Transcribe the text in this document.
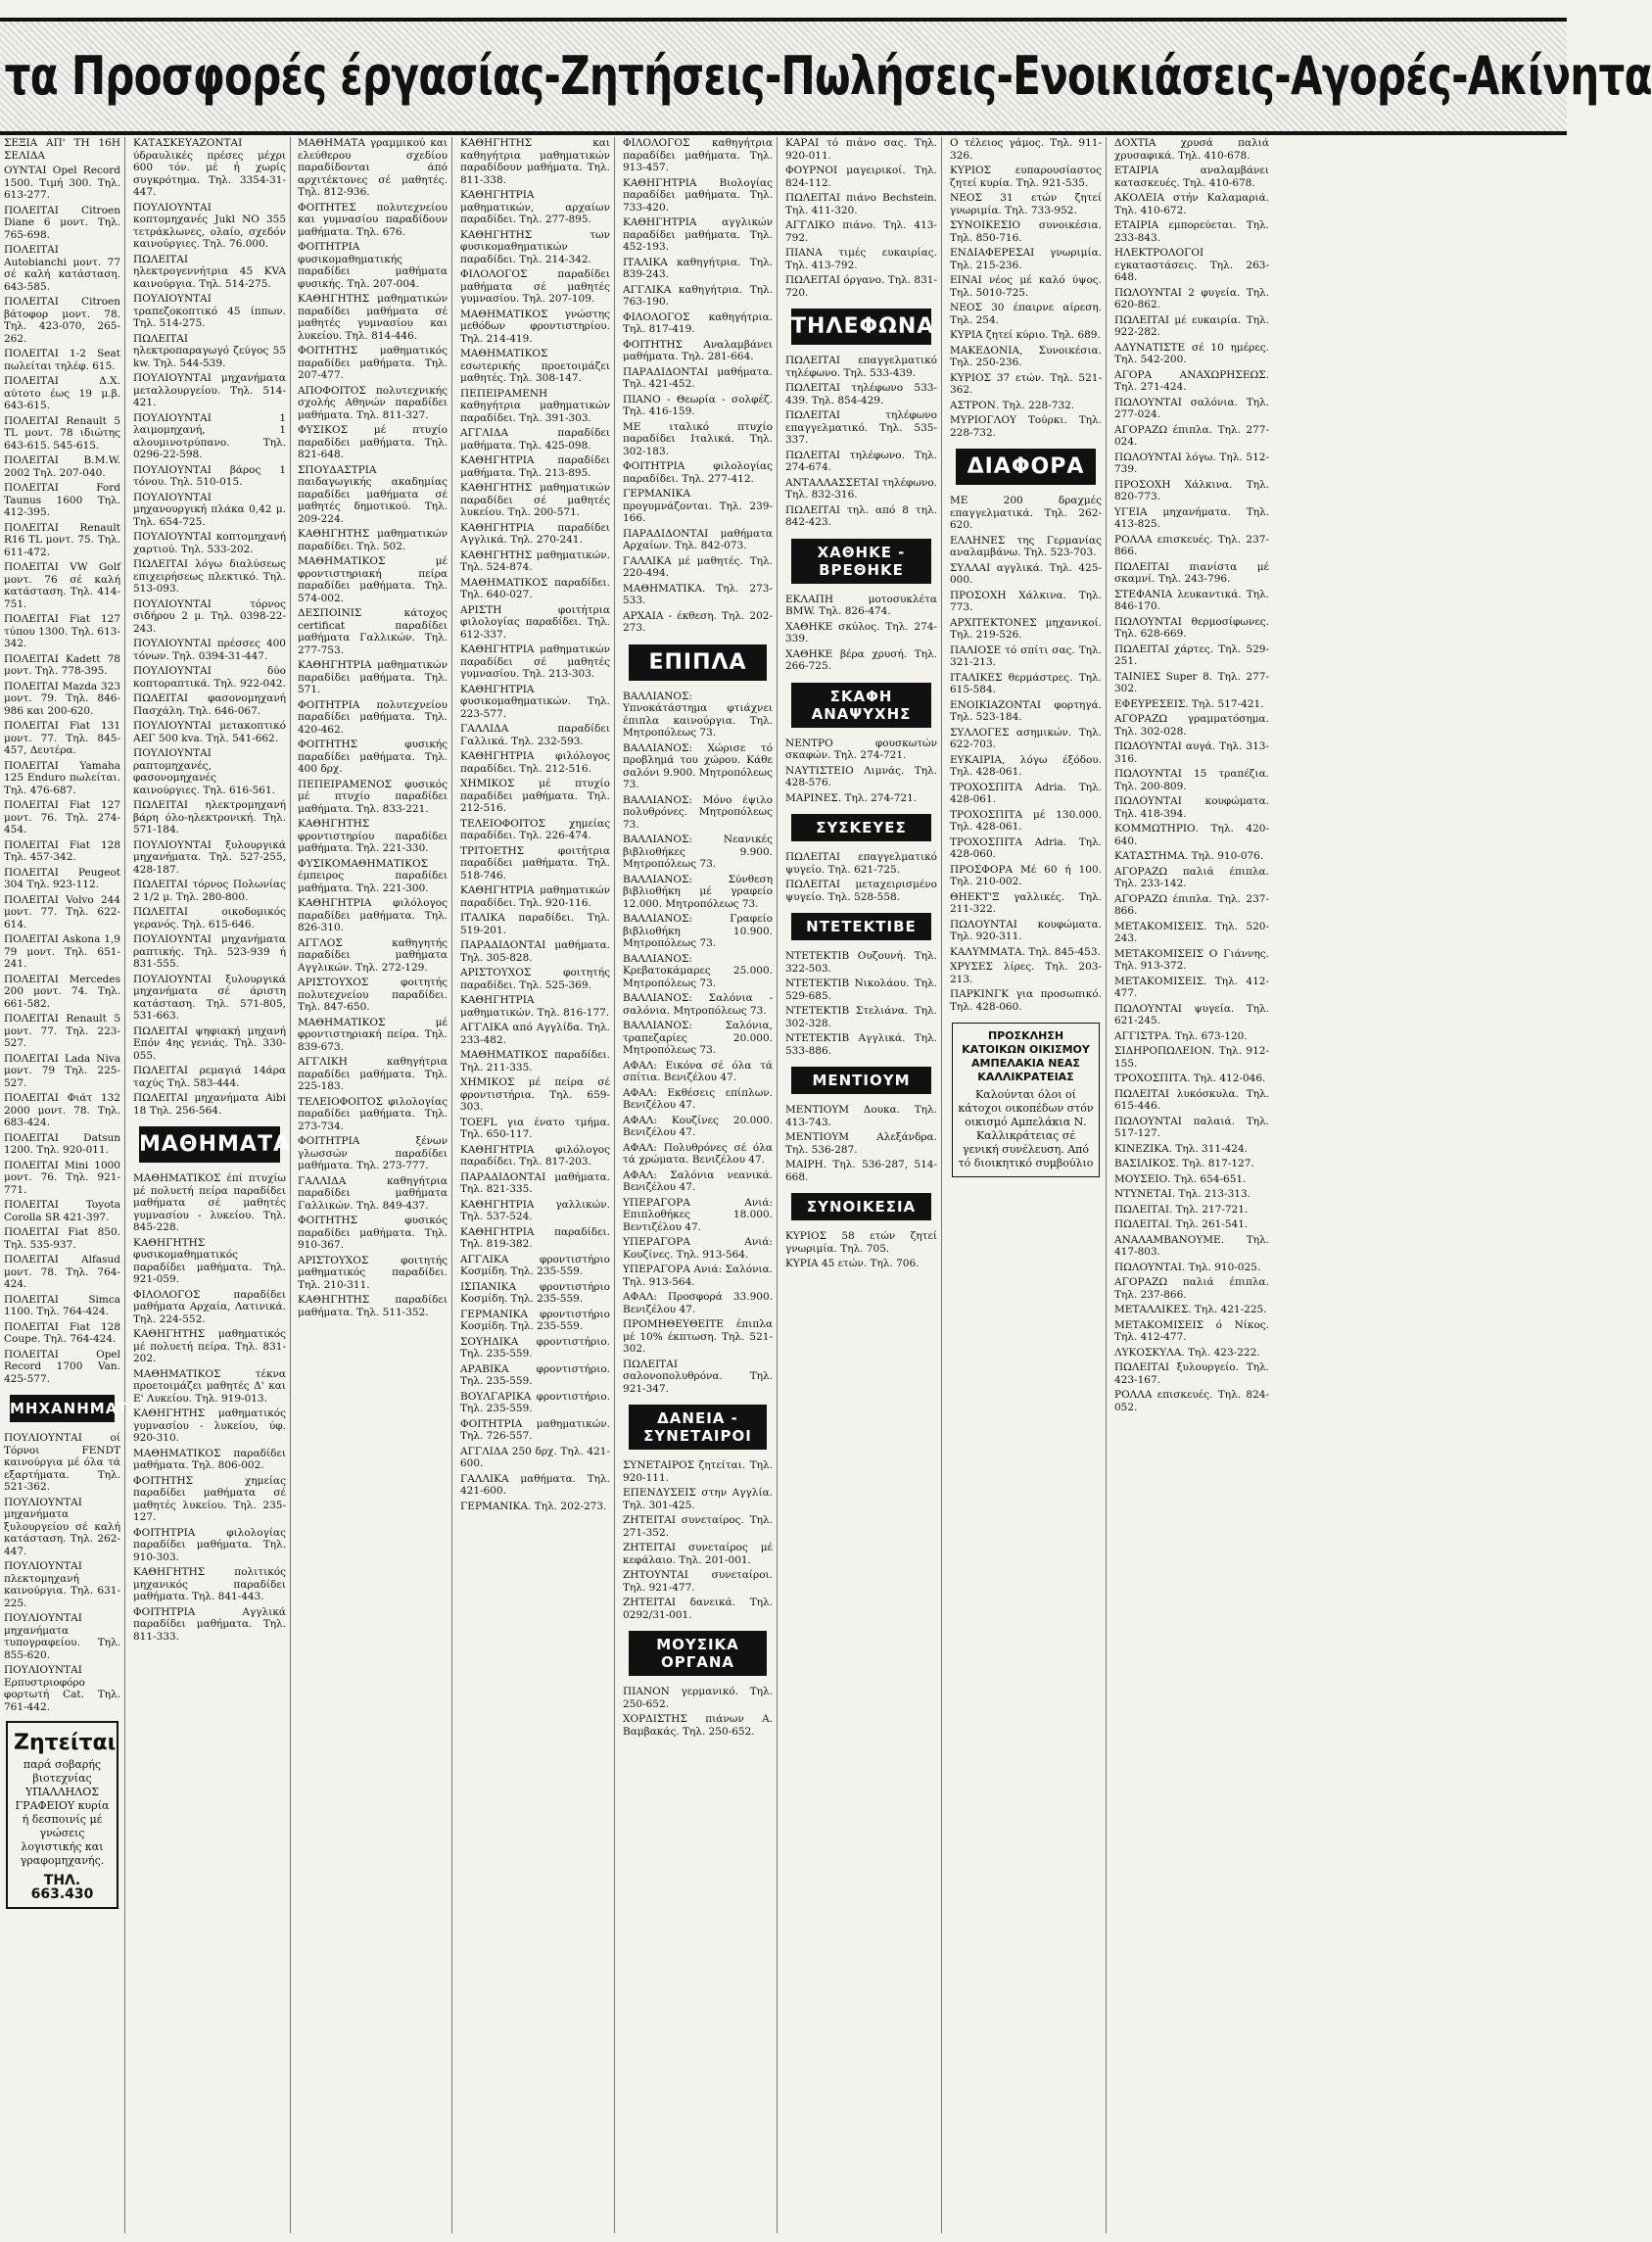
τα Προσφορές έργασίας-Ζητήσεις-Πωλήσεις-Ενοικιάσεις-Αγορές-Ακίνητα
ΣΕΞΙΑ ΑΠ' ΤΗ 16Η ΣΕΛΙΔΑ
ΟΥΝΤΑΙ Opel Record 1500. Τιμή 300. Τηλ. 613-277.
ΠΟΛΕΙΤΑΙ Citroen Diane 6 μοντ. Τηλ. 765-698.
ΠΟΛΕΙΤΑΙ Autobianchi μοντ. 77 σέ καλή κατάσταση. 643-585.
ΠΟΛΕΙΤΑΙ Citroen βάτοφορ μοντ. 78. Τηλ. 423-070, 265-262.
ΠΟΛΕΙΤΑΙ 1-2 Seat πωλείται τηλέφ. 615.
ΠΟΛΕΙΤΑΙ Δ.Χ. αύτοτο έως 19 μ.β. 643-615.
ΠΟΛΕΙΤΑΙ Renault 5 TL μοντ. 78 ιδιώτης 643-615. 545-615.
ΠΟΛΕΙΤΑΙ Β.Μ.W. 2002 Τηλ. 207-040.
ΠΟΛΕΙΤΑΙ Ford Taunus 1600 Τηλ. 412-395.
ΠΟΛΕΙΤΑΙ Renault R16 TL μοντ. 75. Τηλ. 611-472.
ΠΟΛΕΙΤΑΙ VW Golf μοντ. 76 σέ καλή κατάσταση. Τηλ. 414-751.
ΠΟΛΕΙΤΑΙ Fiat 127 τύπου 1300. Τηλ. 613-342.
ΠΟΛΕΙΤΑΙ Kadett 78 μοντ. Τηλ. 778-395.
ΠΟΛΕΙΤΑΙ Mazda 323 μοντ. 79. Τηλ. 846-986 και 200-620.
ΠΟΛΕΙΤΑΙ Fiat 131 μοντ. 77. Τηλ. 845-457, Δευτέρα.
ΠΟΛΕΙΤΑΙ Yamaha 125 Enduro πωλείται. Τηλ. 476-687.
ΠΟΛΕΙΤΑΙ Fiat 127 μοντ. 76. Τηλ. 274-454.
ΠΟΛΕΙΤΑΙ Fiat 128 Τηλ. 457-342.
ΠΟΛΕΙΤΑΙ Peugeot 304 Τηλ. 923-112.
ΠΟΛΕΙΤΑΙ Volvo 244 μοντ. 77. Τηλ. 622-614.
ΠΟΛΕΙΤΑΙ Askona 1,9 79 μοντ. Τηλ. 651-241.
ΠΟΛΕΙΤΑΙ Mercedes 200 μοντ. 74. Τηλ. 661-582.
ΠΟΛΕΙΤΑΙ Renault 5 μοντ. 77. Τηλ. 223-527.
ΠΟΛΕΙΤΑΙ Lada Niva μοντ. 79 Τηλ. 225-527.
ΠΟΛΕΙΤΑΙ Φιάτ 132 2000 μοντ. 78. Τηλ. 683-424.
ΠΟΛΕΙΤΑΙ Datsun 1200. Τηλ. 920-011.
ΠΟΛΕΙΤΑΙ Mini 1000 μοντ. 76. Τηλ. 921-771.
ΠΟΛΕΙΤΑΙ Toyota Corolla SR 421-397.
ΠΟΛΕΙΤΑΙ Fiat 850. Τηλ. 535-937.
ΠΟΛΕΙΤΑΙ Alfasud μοντ. 78. Τηλ. 764-424.
ΠΟΛΕΙΤΑΙ Simca 1100. Τηλ. 764-424.
ΠΟΛΕΙΤΑΙ Fiat 128 Coupe. Τηλ. 764-424.
ΠΟΛΕΙΤΑΙ Opel Record 1700 Van. 425-577.
ΜΗΧΑΝΗΜΑΤΑ
ΠΟΥΛΙΟΥΝΤΑΙ οί Τόρνοι FENDT καινούργια μέ όλα τά εξαρτήματα. Τηλ. 521-362.
ΠΟΥΛΙΟΥΝΤΑΙ μηχανήματα ξυλουργείου σέ καλή κατάσταση. Τηλ. 262-447.
ΠΟΥΛΙΟΥΝΤΑΙ πλεκτομηχανή καινούργια. Τηλ. 631-225.
ΠΟΥΛΙΟΥΝΤΑΙ μηχανήματα τυπογραφείου. Τηλ. 855-620.
ΠΟΥΛΙΟΥΝΤΑΙ Ερπυστριοφόρο φορτωτή Cat. Τηλ. 761-442.
Ζητείται
παρά σοβαρής βιοτεχνίας ΥΠΑΛΛΗΛΟΣ ΓΡΑΦΕΙΟΥ κυρία ή δεσποινίς μέ γνώσεις λογιστικής και γραφομηχανής.
ΤΗΛ. 663.430
ΚΑΤΑΣΚΕΥΑΖΟΝΤΑΙ ύδραυλικές πρέσες μέχρι 600 τόν. μέ ή χωρίς συγκρότημα. Τηλ. 3354-31-447.
ΠΟΥΛΙΟΥΝΤΑΙ κοπτομηχανές Jukl ΝΟ 355 τετράκλωνες, ολαίο, σχεδόν καινούργιες. Τηλ. 76.000.
ΠΩΛΕΙΤΑΙ ηλεκτρογεννήτρια 45 KVA καινούργια. Τηλ. 514-275.
ΠΟΥΛΙΟΥΝΤΑΙ τραπεζοκοπτικό 45 ίππων. Τηλ. 514-275.
ΠΩΛΕΙΤΑΙ ηλεκτροπαραγωγό ζεύγος 55 kw. Τηλ. 544-539.
ΠΟΥΛΙΟΥΝΤΑΙ μηχανήματα μεταλλουργείου. Τηλ. 514-421.
ΠΟΥΛΙΟΥΝΤΑΙ 1 λαιμομηχανή, 1 αλουμινοτρύπανο. Τηλ. 0296-22-598.
ΠΟΥΛΙΟΥΝΤΑΙ βάρος 1 τόνου. Τηλ. 510-015.
ΠΟΥΛΙΟΥΝΤΑΙ μηχανουργική πλάκα 0,42 μ. Τηλ. 654-725.
ΠΟΥΛΙΟΥΝΤΑΙ κοπτομηχανή χαρτιού. Τηλ. 533-202.
ΠΩΛΕΙΤΑΙ λόγω διαλύσεως επιχειρήσεως πλεκτικό. Τηλ. 513-093.
ΠΟΥΛΙΟΥΝΤΑΙ τόρνος σιδήρου 2 μ. Τηλ. 0398-22-243.
ΠΟΥΛΙΟΥΝΤΑΙ πρέσσες 400 τόνων. Τηλ. 0394-31-447.
ΠΟΥΛΙΟΥΝΤΑΙ δύο κοπτοραπτικά. Τηλ. 922-042.
ΠΩΛΕΙΤΑΙ φασονομηχανή Πασχάλη. Τηλ. 646-067.
ΠΟΥΛΙΟΥΝΤΑΙ μετακοπτικό ΑΕΓ 500 kva. Τηλ. 541-662.
ΠΟΥΛΙΟΥΝΤΑΙ ραπτομηχανές, φασονομηχανές καινούργιες. Τηλ. 616-561.
ΠΩΛΕΙΤΑΙ ηλεκτρομηχανή βάρη όλο-ηλεκτρονική. Τηλ. 571-184.
ΠΟΥΛΙΟΥΝΤΑΙ ξυλουργικά μηχανήματα. Τηλ. 527-255, 428-187.
ΠΩΛΕΙΤΑΙ τόρνος Πολωνίας 2 1/2 μ. Τηλ. 280-800.
ΠΩΛΕΙΤΑΙ οικοδομικός γερανός. Τηλ. 615-646.
ΠΟΥΛΙΟΥΝΤΑΙ μηχανήματα ραπτικής. Τηλ. 523-939 ή 831-555.
ΠΟΥΛΙΟΥΝΤΑΙ ξυλουργικά μηχανήματα σέ άριστη κατάσταση. Τηλ. 571-805, 531-663.
ΠΩΛΕΙΤΑΙ ψηφιακή μηχανή Επόν 4ης γενιάς. Τηλ. 330-055.
ΠΩΛΕΙΤΑΙ ρεμαγιά 14άρα ταχύς Τηλ. 583-444.
ΠΩΛΕΙΤΑΙ μηχανήματα Aibi 18 Τηλ. 256-564.
ΜΑΘΗΜΑΤΑ
ΜΑΘΗΜΑΤΙΚΟΣ έπί πτυχίω μέ πολυετή πείρα παραδίδει μαθήματα σέ μαθητές γυμνασίου - λυκείου. Τηλ. 845-228.
ΚΑΘΗΓΗΤΗΣ φυσικομαθηματικός παραδίδει μαθήματα. Τηλ. 921-059.
ΦΙΛΟΛΟΓΟΣ παραδίδει μαθήματα Αρχαία, Λατινικά. Τηλ. 224-552.
ΚΑΘΗΓΗΤΗΣ μαθηματικός μέ πολυετή πείρα. Τηλ. 831-202.
ΜΑΘΗΜΑΤΙΚΟΣ τέκνα προετοιμάζει μαθητές Δ' και Ε' Λυκείου. Τηλ. 919-013.
ΚΑΘΗΓΗΤΗΣ μαθηματικός γυμνασίου - λυκείου, ύφ. 920-310.
ΜΑΘΗΜΑΤΙΚΟΣ παραδίδει μαθήματα. Τηλ. 806-002.
ΦΟΙΤΗΤΗΣ χημείας παραδίδει μαθήματα σέ μαθητές λυκείου. Τηλ. 235-127.
ΦΟΙΤΗΤΡΙΑ φιλολογίας παραδίδει μαθήματα. Τηλ. 910-303.
ΚΑΘΗΓΗΤΗΣ πολιτικός μηχανικός παραδίδει μαθήματα. Τηλ. 841-443.
ΦΟΙΤΗΤΡΙΑ Αγγλικά παραδίδει μαθήματα. Τηλ. 811-333.
ΜΑΘΗΜΑΤΑ γραμμικού και ελεύθερου σχεδίου παραδίδονται άπό αρχιτέκτονες σέ μαθητές. Τηλ. 812-936.
ΦΟΙΤΗΤΕΣ πολυτεχνείου και γυμνασίου παραδίδουν μαθήματα. Τηλ. 676.
ΦΟΙΤΗΤΡΙΑ φυσικομαθηματικής παραδίδει μαθήματα φυσικής. Τηλ. 207-004.
ΚΑΘΗΓΗΤΗΣ μαθηματικών παραδίδει μαθήματα σέ μαθητές γυμνασίου και λυκείου. Τηλ. 814-446.
ΦΟΙΤΗΤΗΣ μαθηματικός παραδίδει μαθήματα. Τηλ. 207-477.
ΑΠΟΦΟΙΤΟΣ πολυτεχνικής σχολής Αθηνών παραδίδει μαθήματα. Τηλ. 811-327.
ΦΥΣΙΚΟΣ μέ πτυχίο παραδίδει μαθήματα. Τηλ. 821-648.
ΣΠΟΥΔΑΣΤΡΙΑ παιδαγωγικής ακαδημίας παραδίδει μαθήματα σέ μαθητές δημοτικού. Τηλ. 209-224.
ΚΑΘΗΓΗΤΗΣ μαθηματικών παραδίδει. Τηλ. 502.
ΜΑΘΗΜΑΤΙΚΟΣ μέ φροντιστηριακή πείρα παραδίδει μαθήματα. Τηλ. 574-002.
ΔΕΣΠΟΙΝΙΣ κάτοχος certificat παραδίδει μαθήματα Γαλλικών. Τηλ. 277-753.
ΚΑΘΗΓΗΤΡΙΑ μαθηματικών παραδίδει μαθήματα. Τηλ. 571.
ΦΟΙΤΗΤΡΙΑ πολυτεχνείου παραδίδει μαθήματα. Τηλ. 420-462.
ΦΟΙΤΗΤΗΣ φυσικής παραδίδει μαθήματα. Τηλ. 400 δρχ.
ΠΕΠΕΙΡΑΜΕΝΟΣ φυσικός μέ πτυχίο παραδίδει μαθήματα. Τηλ. 833-221.
ΚΑΘΗΓΗΤΗΣ φροντιστηρίου παραδίδει μαθήματα. Τηλ. 221-330.
ΦΥΣΙΚΟΜΑΘΗΜΑΤΙΚΟΣ έμπειρος παραδίδει μαθήματα. Τηλ. 221-300.
ΚΑΘΗΓΗΤΡΙΑ φιλόλογος παραδίδει μαθήματα. Τηλ. 826-310.
ΑΓΓΛΟΣ καθηγητής παραδίδει μαθήματα Αγγλικών. Τηλ. 272-129.
ΑΡΙΣΤΟΥΧΟΣ φοιτητής πολυτεχνείου παραδίδει. Τηλ. 847-650.
ΜΑΘΗΜΑΤΙΚΟΣ μέ φροντιστηριακή πείρα. Τηλ. 839-673.
ΑΓΓΛΙΚΗ καθηγήτρια παραδίδει μαθήματα. Τηλ. 225-183.
ΤΕΛΕΙΟΦΟΙΤΟΣ φιλολογίας παραδίδει μαθήματα. Τηλ. 273-734.
ΦΟΙΤΗΤΡΙΑ ξένων γλωσσών παραδίδει μαθήματα. Τηλ. 273-777.
ΓΑΛΛΙΔΑ καθηγήτρια παραδίδει μαθήματα Γαλλικών. Τηλ. 849-437.
ΦΟΙΤΗΤΗΣ φυσικός παραδίδει μαθήματα. Τηλ. 910-367.
ΑΡΙΣΤΟΥΧΟΣ φοιτητής μαθηματικός παραδίδει. Τηλ. 210-311.
ΚΑΘΗΓΗΤΗΣ παραδίδει μαθήματα. Τηλ. 511-352.
ΚΑΘΗΓΗΤΗΣ και καθηγήτρια μαθηματικών παραδίδουν μαθήματα. Τηλ. 811-338.
ΚΑΘΗΓΗΤΡΙΑ μαθηματικών, αρχαίων παραδίδει. Τηλ. 277-895.
ΚΑΘΗΓΗΤΗΣ των φυσικομαθηματικών παραδίδει. Τηλ. 214-342.
ΦΙΛΟΛΟΓΟΣ παραδίδει μαθήματα σέ μαθητές γυμνασίου. Τηλ. 207-109.
ΜΑΘΗΜΑΤΙΚΟΣ γνώστης μεθόδων φροντιστηρίου. Τηλ. 214-419.
ΜΑΘΗΜΑΤΙΚΟΣ εσωτερικής προετοιμάζει μαθητές. Τηλ. 308-147.
ΠΕΠΕΙΡΑΜΕΝΗ καθηγήτρια μαθηματικών παραδίδει. Τηλ. 391-303.
ΑΓΓΛΙΔΑ παραδίδει μαθήματα. Τηλ. 425-098.
ΚΑΘΗΓΗΤΡΙΑ παραδίδει μαθήματα. Τηλ. 213-895.
ΚΑΘΗΓΗΤΗΣ μαθηματικών παραδίδει σέ μαθητές λυκείου. Τηλ. 200-571.
ΚΑΘΗΓΗΤΡΙΑ παραδίδει Αγγλικά. Τηλ. 270-241.
ΚΑΘΗΓΗΤΗΣ μαθηματικών. Τηλ. 524-874.
ΜΑΘΗΜΑΤΙΚΟΣ παραδίδει. Τηλ. 640-027.
ΑΡΙΣΤΗ φοιτήτρια φιλολογίας παραδίδει. Τηλ. 612-337.
ΚΑΘΗΓΗΤΡΙΑ μαθηματικών παραδίδει σέ μαθητές γυμνασίου. Τηλ. 213-303.
ΚΑΘΗΓΗΤΡΙΑ φυσικομαθηματικών. Τηλ. 223-577.
ΓΑΛΛΙΔΑ παραδίδει Γαλλικά. Τηλ. 232-593.
ΚΑΘΗΓΗΤΡΙΑ φιλόλογος παραδίδει. Τηλ. 212-516.
ΧΗΜΙΚΟΣ μέ πτυχίο παραδίδει μαθήματα. Τηλ. 212-516.
ΤΕΛΕΙΟΦΟΙΤΟΣ χημείας παραδίδει. Τηλ. 226-474.
ΤΡΙΤΟΕΤΗΣ φοιτήτρια παραδίδει μαθήματα. Τηλ. 518-746.
ΚΑΘΗΓΗΤΡΙΑ μαθηματικών παραδίδει. Τηλ. 920-116.
ΙΤΑΛΙΚΑ παραδίδει. Τηλ. 519-201.
ΠΑΡΑΔΙΔΟΝΤΑΙ μαθήματα. Τηλ. 305-828.
ΑΡΙΣΤΟΥΧΟΣ φοιτητής παραδίδει. Τηλ. 525-369.
ΚΑΘΗΓΗΤΡΙΑ μαθηματικών. Τηλ. 816-177.
ΑΓΓΛΙΚΑ από Αγγλίδα. Τηλ. 233-482.
ΜΑΘΗΜΑΤΙΚΟΣ παραδίδει. Τηλ. 211-335.
ΧΗΜΙΚΟΣ μέ πείρα σέ φροντιστήρια. Τηλ. 659-303.
TOEFL για ένατο τμήμα. Τηλ. 650-117.
ΚΑΘΗΓΗΤΡΙΑ φιλόλογος παραδίδει. Τηλ. 817-203.
ΠΑΡΑΔΙΔΟΝΤΑΙ μαθήματα. Τηλ. 821-335.
ΚΑΘΗΓΗΤΡΙΑ γαλλικών. Τηλ. 537-524.
ΚΑΘΗΓΗΤΡΙΑ παραδίδει. Τηλ. 819-382.
ΑΓΓΛΙΚΑ φροντιστήριο Κοσμίδη. Τηλ. 235-559.
ΙΣΠΑΝΙΚΑ φροντιστήριο Κοσμίδη. Τηλ. 235-559.
ΓΕΡΜΑΝΙΚΑ φροντιστήριο Κοσμίδη. Τηλ. 235-559.
ΣΟΥΗΔΙΚΑ φροντιστήριο. Τηλ. 235-559.
ΑΡΑΒΙΚΑ φροντιστήριο. Τηλ. 235-559.
ΒΟΥΛΓΑΡΙΚΑ φροντιστήριο. Τηλ. 235-559.
ΦΟΙΤΗΤΡΙΑ μαθηματικών. Τηλ. 726-557.
ΑΓΓΛΙΔΑ 250 δρχ. Τηλ. 421-600.
ΓΑΛΛΙΚΑ μαθήματα. Τηλ. 421-600.
ΓΕΡΜΑΝΙΚΑ. Τηλ. 202-273.
ΦΙΛΟΛΟΓΟΣ καθηγήτρια παραδίδει μαθήματα. Τηλ. 913-457.
ΚΑΘΗΓΗΤΡΙΑ Βιολογίας παραδίδει μαθήματα. Τηλ. 733-420.
ΚΑΘΗΓΗΤΡΙΑ αγγλικών παραδίδει μαθήματα. Τηλ. 452-193.
ΙΤΑΛΙΚΑ καθηγήτρια. Τηλ. 839-243.
ΑΓΓΛΙΚΑ καθηγήτρια. Τηλ. 763-190.
ΦΙΛΟΛΟΓΟΣ καθηγήτρια. Τηλ. 817-419.
ΦΟΙΤΗΤΗΣ Αναλαμβάνει μαθήματα. Τηλ. 281-664.
ΠΑΡΑΔΙΔΟΝΤΑΙ μαθήματα. Τηλ. 421-452.
ΠΙΑΝΟ - Θεωρία - σολφέζ. Τηλ. 416-159.
ΜΕ ιταλικό πτυχίο παραδίδει Ιταλικά. Τηλ. 302-183.
ΦΟΙΤΗΤΡΙΑ φιλολογίας παραδίδει. Τηλ. 277-412.
ΓΕΡΜΑΝΙΚΑ προγυμνάζονται. Τηλ. 239-166.
ΠΑΡΑΔΙΔΟΝΤΑΙ μαθήματα Αρχαίων. Τηλ. 842-073.
ΓΑΛΛΙΚΑ μέ μαθητές. Τηλ. 220-494.
ΜΑΘΗΜΑΤΙΚΑ. Τηλ. 273-533.
ΑΡΧΑΙΑ - έκθεση. Τηλ. 202-273.
ΕΠΙΠΛΑ
ΒΑΛΛΙΑΝΟΣ: Υπνοκάτάστημα φτιάχνει έπιπλα καινούργια. Τηλ. Μητροπόλεως 73.
ΒΑΛΛΙΑΝΟΣ: Χώρισε τό προβλημά του χώρου. Κάθε σαλόνι 9.900. Μητροπόλεως 73.
ΒΑΛΛΙΑΝΟΣ: Μόνο έψιλο πολυθρόνες. Μητροπόλεως 73.
ΒΑΛΛΙΑΝΟΣ: Νεανικές βιβλιοθήκες 9.900. Μητροπόλεως 73.
ΒΑΛΛΙΑΝΟΣ: Σύνθεση βιβλιοθήκη μέ γραφείο 12.000. Μητροπόλεως 73.
ΒΑΛΛΙΑΝΟΣ: Γραφείο βιβλιοθήκη 10.900. Μητροπόλεως 73.
ΒΑΛΛΙΑΝΟΣ: Κρεβατοκάμαρες 25.000. Μητροπόλεως 73.
ΒΑΛΛΙΑΝΟΣ: Σαλόνια - σαλόνια. Μητροπόλεως 73.
ΒΑΛΛΙΑΝΟΣ: Σαλόνια, τραπεζαρίες 20.000. Μητροπόλεως 73.
ΑΦΑΛ: Εικόνα σέ όλα τά σπίτια. Βενιζέλου 47.
ΑΦΑΛ: Εκθέσεις επίπλων. Βενιζέλου 47.
ΑΦΑΛ: Κουζίνες 20.000. Βενιζέλου 47.
ΑΦΑΛ: Πολυθρόνες σέ όλα τά χρώματα. Βενιζέλου 47.
ΑΦΑΛ: Σαλόνια νεανικά. Βενιζέλου 47.
ΥΠΕΡΑΓΟΡΑ Ανιά: Επιπλοθήκες 18.000. Βεντιζέλου 47.
ΥΠΕΡΑΓΟΡΑ Ανιά: Κουζίνες. Τηλ. 913-564.
ΥΠΕΡΑΓΟΡΑ Ανιά: Σαλόνια. Τηλ. 913-564.
ΑΦΑΛ: Προσφορά 33.900. Βενιζέλου 47.
ΠΡΟΜΗΘΕΥΘΕΙΤΕ έπιπλα μέ 10% έκπτωση. Τηλ. 521-302.
ΠΩΛΕΙΤΑΙ σαλονοπολυθρόνα. Τηλ. 921-347.
ΔΑΝΕΙΑ - ΣΥΝΕΤΑΙΡΟΙ
ΣΥΝΕΤΑΙΡΟΣ ζητείται. Τηλ. 920-111.
ΕΠΕΝΔΥΣΕΙΣ στην Αγγλία. Τηλ. 301-425.
ΖΗΤΕΙΤΑΙ συνεταίρος. Τηλ. 271-352.
ΖΗΤΕΙΤΑΙ συνεταίρος μέ κεφάλαιο. Τηλ. 201-001.
ΖΗΤΟΥΝΤΑΙ συνεταίροι. Τηλ. 921-477.
ΖΗΤΕΙΤΑΙ δανεικά. Τηλ. 0292/31-001.
ΜΟΥΣΙΚΑ ΟΡΓΑΝΑ
ΠΙΑΝΟΝ γερμανικό. Τηλ. 250-652.
ΧΟΡΔΙΣΤΗΣ πιάνων Α. Βαμβακάς. Τηλ. 250-652.
ΚΑΡΑΙ τό πιάνο σας. Τηλ. 920-011.
ΦΟΥΡΝΟΙ μαγειρικοί. Τηλ. 824-112.
ΠΩΛΕΙΤΑΙ πιάνο Bechstein. Τηλ. 411-320.
ΑΓΓΛΙΚΟ πιάνο. Τηλ. 413-792.
ΠΙΑΝΑ τιμές ευκαιρίας. Τηλ. 413-792.
ΠΩΛΕΙΤΑΙ όργανο. Τηλ. 831-720.
ΤΗΛΕΦΩΝΑ
ΠΩΛΕΙΤΑΙ επαγγελματικό τηλέφωνο. Τηλ. 533-439.
ΠΩΛΕΙΤΑΙ τηλέφωνο 533-439. Τηλ. 854-429.
ΠΩΛΕΙΤΑΙ τηλέφωνο επαγγελματικό. Τηλ. 535-337.
ΠΩΛΕΙΤΑΙ τηλέφωνο. Τηλ. 274-674.
ΑΝΤΑΛΛΑΣΣΕΤΑΙ τηλέφωνο. Τηλ. 832-316.
ΠΩΛΕΙΤΑΙ τηλ. από 8 τηλ. 842-423.
ΧΑΘΗΚΕ - ΒΡΕΘΗΚΕ
ΕΚΛΑΠΗ μοτοσυκλέτα BMW. Τηλ. 826-474.
ΧΑΘΗΚΕ σκύλος. Τηλ. 274-339.
ΧΑΘΗΚΕ βέρα χρυσή. Τηλ. 266-725.
ΣΚΑΦΗ ΑΝΑΨΥΧΗΣ
ΝΕΝΤΡΟ φουσκωτών σκαφών. Τηλ. 274-721.
ΝΑΥΤΙΣΤΕΙΟ Λιμνάς. Τηλ. 428-576.
ΜΑΡΙΝΕΣ. Τηλ. 274-721.
ΣΥΣΚΕΥΕΣ
ΠΩΛΕΙΤΑΙ επαγγελματικό ψυγείο. Τηλ. 621-725.
ΠΩΛΕΙΤΑΙ μεταχειρισμένο ψυγείο. Τηλ. 528-558.
ΝΤΕΤΕΚΤΙΒΕ
ΝΤΕΤΕΚΤΙΒ Ουζουνή. Τηλ. 322-503.
ΝΤΕΤΕΚΤΙΒ Νικολάου. Τηλ. 529-685.
ΝΤΕΤΕΚΤΙΒ Στελιάνα. Τηλ. 302-328.
ΝΤΕΤΕΚΤΙΒ Αγγλικά. Τηλ. 533-886.
ΜΕΝΤΙΟΥΜ
ΜΕΝΤΙΟΥΜ Δουκα. Τηλ. 413-743.
ΜΕΝΤΙΟΥΜ Αλεξάνδρα. Τηλ. 536-287.
ΜΑΙΡΗ. Τηλ. 536-287, 514-668.
ΣΥΝΟΙΚΕΣΙΑ
ΚΥΡΙΟΣ 58 ετών ζητεί γνωριμία. Τηλ. 705.
ΚΥΡΙΑ 45 ετών. Τηλ. 706.
Ο τέλειος γάμος. Τηλ. 911-326.
ΚΥΡΙΟΣ ευπαρουσίαστος ζητεί κυρία. Τηλ. 921-535.
ΝΕΟΣ 31 ετών ζητεί γνωριμία. Τηλ. 733-952.
ΣΥΝΟΙΚΕΣΙΟ συνοικέσια. Τηλ. 850-716.
ΕΝΔΙΑΦΕΡΕΣΑΙ γνωριμία. Τηλ. 215-236.
ΕΙΝΑΙ νέος μέ καλό ύψος. Τηλ. 5010-725.
ΝΕΟΣ 30 έπαιρνε αίρεση. Τηλ. 254.
ΚΥΡΙΑ ζητεί κύριο. Τηλ. 689.
ΜΑΚΕΔΟΝΙΑ, Συνοικέσια. Τηλ. 250-236.
ΚΥΡΙΟΣ 37 ετών. Τηλ. 521-362.
ΑΣΤΡΟΝ. Τηλ. 228-732.
ΜΥΡΙΟΓΛΟΥ Τούρκι. Τηλ. 228-732.
ΔΙΑΦΟΡΑ
ΜΕ 200 δραχμές επαγγελματικά. Τηλ. 262-620.
ΕΛΛΗΝΕΣ της Γερμανίας αναλαμβάνω. Τηλ. 523-703.
ΣΥΛΛΑΙ αγγλικά. Τηλ. 425-000.
ΠΡΟΣΟΧΗ Χάλκινα. Τηλ. 773.
ΑΡΧΙΤΕΚΤΟΝΕΣ μηχανικοί. Τηλ. 219-526.
ΠΑΛΙΟΣΕ τό σπίτι σας. Τηλ. 321-213.
ΙΤΑΛΙΚΕΣ θερμάστρες. Τηλ. 615-584.
ΕΝΟΙΚΙΑΖΟΝΤΑΙ φορτηγά. Τηλ. 523-184.
ΣΥΛΛΟΓΕΣ ασημικών. Τηλ. 622-703.
ΕΥΚΑΙΡΙΑ, λόγω έξόδου. Τηλ. 428-061.
ΤΡΟΧΟΣΠΙΤΑ Adria. Τηλ. 428-061.
ΤΡΟΧΟΣΠΙΤΑ μέ 130.000. Τηλ. 428-061.
ΤΡΟΧΟΣΠΙΤΑ Adria. Τηλ. 428-060.
ΠΡΟΣΦΟΡΑ Μέ 60 ή 100. Τηλ. 210-002.
ΘΗΕΚΤ'Ξ γαλλικές. Τηλ. 211-322.
ΠΩΛΟΥΝΤΑΙ κουφώματα. Τηλ. 920-311.
ΚΑΛΥΜΜΑΤΑ. Τηλ. 845-453.
ΧΡΥΣΕΣ λίρες. Τηλ. 203-213.
ΠΑΡΚΙΝΓΚ για προσωπικό. Τηλ. 428-060.
ΠΡΟΣΚΛΗΣΗ ΚΑΤΟΙΚΩΝ ΟΙΚΙΣΜΟΥ ΑΜΠΕΛΑΚΙΑ ΝΕΑΣ ΚΑΛΛΙΚΡΑΤΕΙΑΣ
Καλούνται όλοι οί κάτοχοι οικοπέδων στόν οικισμό Αμπελάκια Ν. Καλλικράτειας σέ γενική συνέλευση. Από τό διοικητικό συμβούλιο
ΔΟΧΤΙΑ χρυσά παλιά χρυσαφικά. Τηλ. 410-678.
ΕΤΑΙΡΙΑ αναλαμβάνει κατασκευές. Τηλ. 410-678.
ΑΚΟΛΕΙΑ στήν Καλαμαριά. Τηλ. 410-672.
ΕΤΑΙΡΙΑ εμπορεύεται. Τηλ. 233-843.
ΗΛΕΚΤΡΟΛΟΓΟΙ εγκαταστάσεις. Τηλ. 263-648.
ΠΩΛΟΥΝΤΑΙ 2 φυγεία. Τηλ. 620-862.
ΠΩΛΕΙΤΑΙ μέ ευκαιρία. Τηλ. 922-282.
ΑΔΥΝΑΤΙΣΤΕ σέ 10 ημέρες. Τηλ. 542-200.
ΑΓΟΡΑ ΑΝΑΧΩΡΗΣΕΩΣ. Τηλ. 271-424.
ΠΩΛΟΥΝΤΑΙ σαλόνια. Τηλ. 277-024.
ΑΓΟΡΑΖΩ έπιπλα. Τηλ. 277-024.
ΠΩΛΟΥΝΤΑΙ λόγω. Τηλ. 512-739.
ΠΡΟΣΟΧΗ Χάλκινα. Τηλ. 820-773.
ΥΓΕΙΑ μηχανήματα. Τηλ. 413-825.
ΡΟΛΛΑ επισκευές. Τηλ. 237-866.
ΠΩΛΕΙΤΑΙ πιανίστα μέ σκαμνί. Τηλ. 243-796.
ΣΤΕΦΑΝΙΑ λευκαντικά. Τηλ. 846-170.
ΠΩΛΟΥΝΤΑΙ θερμοσίφωνες. Τηλ. 628-669.
ΠΩΛΕΙΤΑΙ χάρτες. Τηλ. 529-251.
ΤΑΙΝΙΕΣ Super 8. Τηλ. 277-302.
ΕΦΕΥΡΕΣΕΙΣ. Τηλ. 517-421.
ΑΓΟΡΑΖΩ γραμματόσημα. Τηλ. 302-028.
ΠΩΛΟΥΝΤΑΙ αυγά. Τηλ. 313-316.
ΠΩΛΟΥΝΤΑΙ 15 τραπέζια. Τηλ. 200-809.
ΠΩΛΟΥΝΤΑΙ κουφώματα. Τηλ. 418-394.
ΚΟΜΜΩΤΗΡΙΟ. Τηλ. 420-640.
ΚΑΤΑΣΤΗΜΑ. Τηλ. 910-076.
ΑΓΟΡΑΖΩ παλιά έπιπλα. Τηλ. 233-142.
ΑΓΟΡΑΖΩ έπιπλα. Τηλ. 237-866.
ΜΕΤΑΚΟΜΙΣΕΙΣ. Τηλ. 520-243.
ΜΕΤΑΚΟΜΙΣΕΙΣ Ο Γιάννης. Τηλ. 913-372.
ΜΕΤΑΚΟΜΙΣΕΙΣ. Τηλ. 412-477.
ΠΩΛΟΥΝΤΑΙ ψυγεία. Τηλ. 621-245.
ΑΓΓΙΣΤΡΑ. Τηλ. 673-120.
ΣΙΔΗΡΟΠΩΛΕΙΟΝ. Τηλ. 912-155.
ΤΡΟΧΟΣΠΙΤΑ. Τηλ. 412-046.
ΠΩΛΕΙΤΑΙ λυκόσκυλα. Τηλ. 615-446.
ΠΩΛΟΥΝΤΑΙ παλαιά. Τηλ. 517-127.
ΚΙΝΕΖΙΚΑ. Τηλ. 311-424.
ΒΑΣΙΛΙΚΟΣ. Τηλ. 817-127.
ΜΟΥΣΕΙΟ. Τηλ. 654-651.
ΝΤΥΝΕΤΑΙ. Τηλ. 213-313.
ΠΩΛΕΙΤΑΙ. Τηλ. 217-721.
ΠΩΛΕΙΤΑΙ. Τηλ. 261-541.
ΑΝΑΛΑΜΒΑΝΟΥΜΕ. Τηλ. 417-803.
ΠΩΛΟΥΝΤΑΙ. Τηλ. 910-025.
ΑΓΟΡΑΖΩ παλιά έπιπλα. Τηλ. 237-866.
ΜΕΤΑΛΛΙΚΕΣ. Τηλ. 421-225.
ΜΕΤΑΚΟΜΙΣΕΙΣ ό Νίκος. Τηλ. 412-477.
ΛΥΚΟΣΚΥΛΑ. Τηλ. 423-222.
ΠΩΛΕΙΤΑΙ ξυλουργείο. Τηλ. 423-167.
ΡΟΛΛΑ επισκευές. Τηλ. 824-052.
